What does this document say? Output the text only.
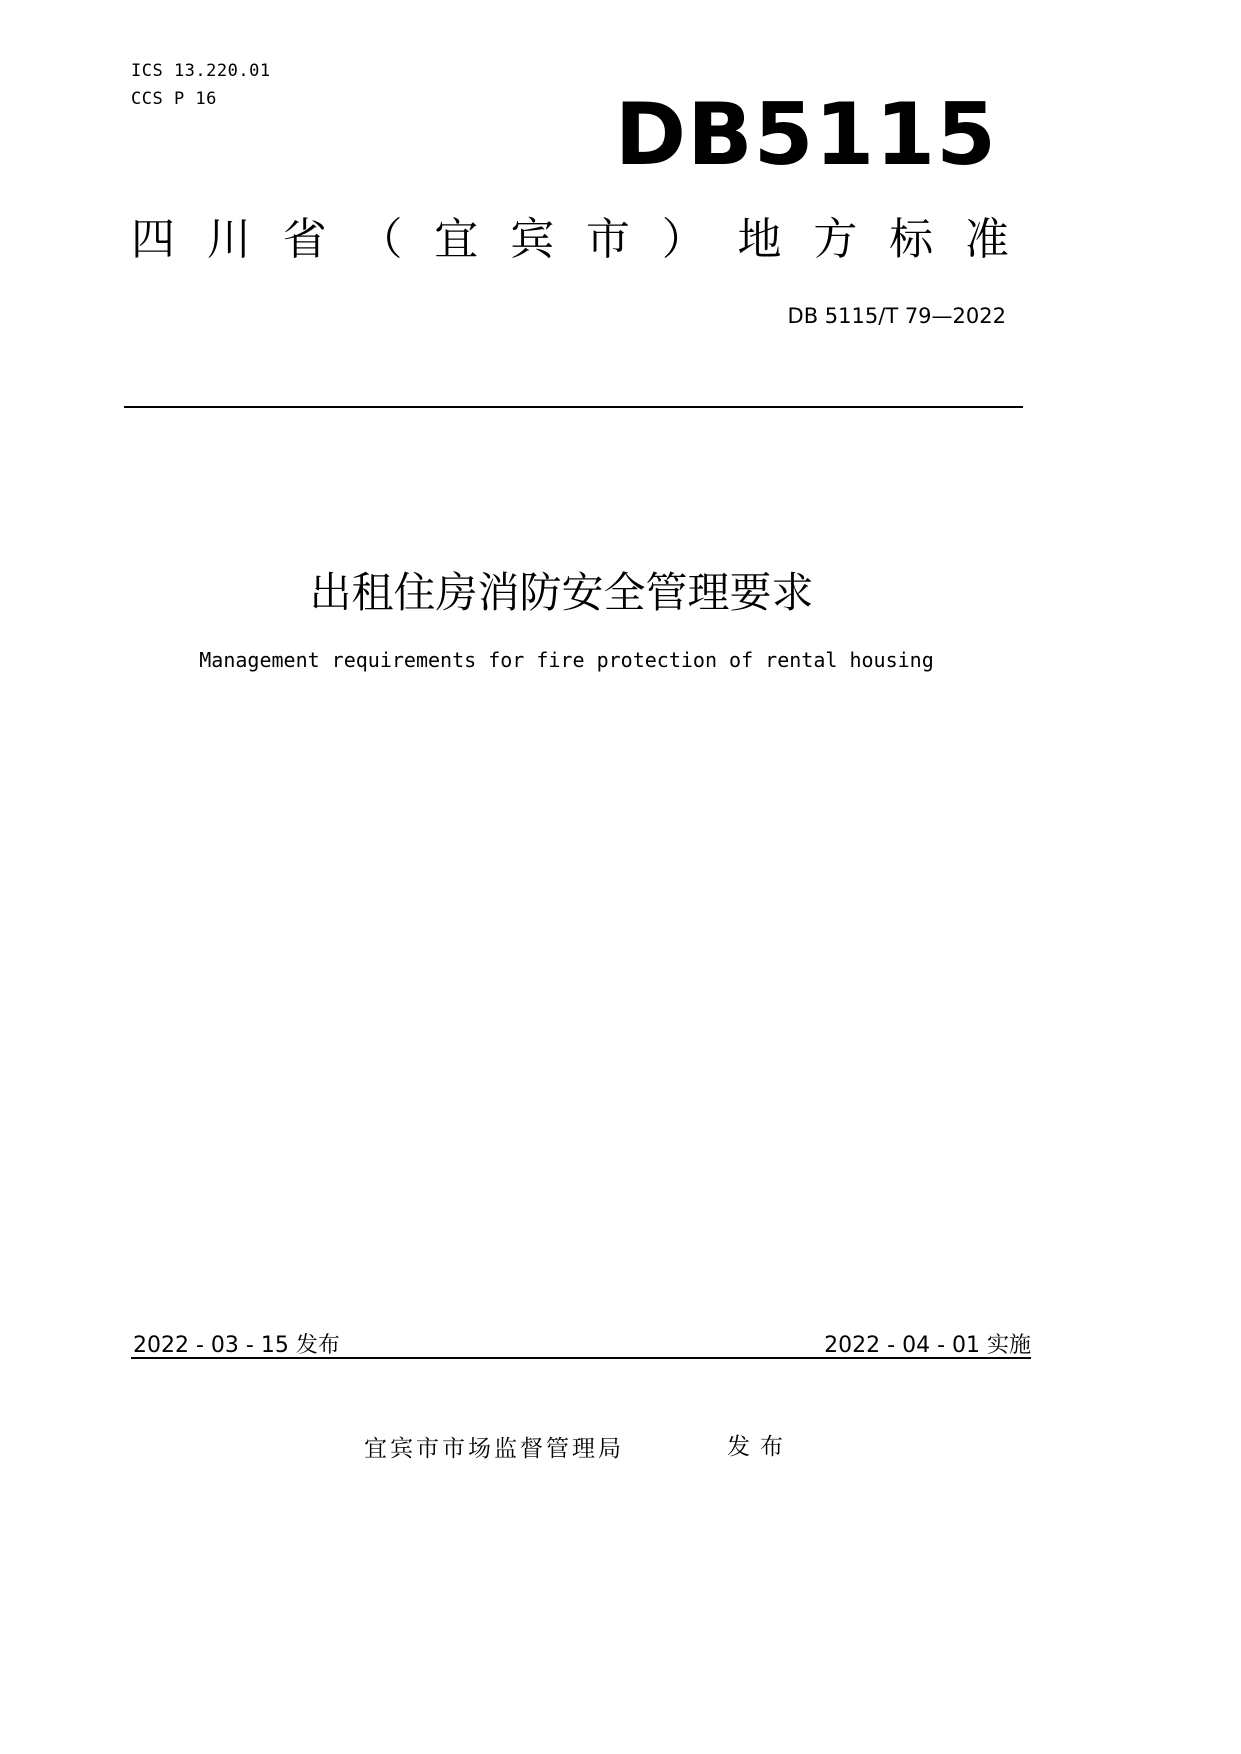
ICS 13.220.01
CCS P 16	DB5115
四 川 省 （ 宜 宾 市 ） 地 方 标 准
DB 5115/T 79—2022
出租住房消防安全管理要求
Management requirements for fire protection of rental housing
2022 - 03 - 15 发布	2022 - 04 - 01 实施
宜宾市市场监督管理局	发布
